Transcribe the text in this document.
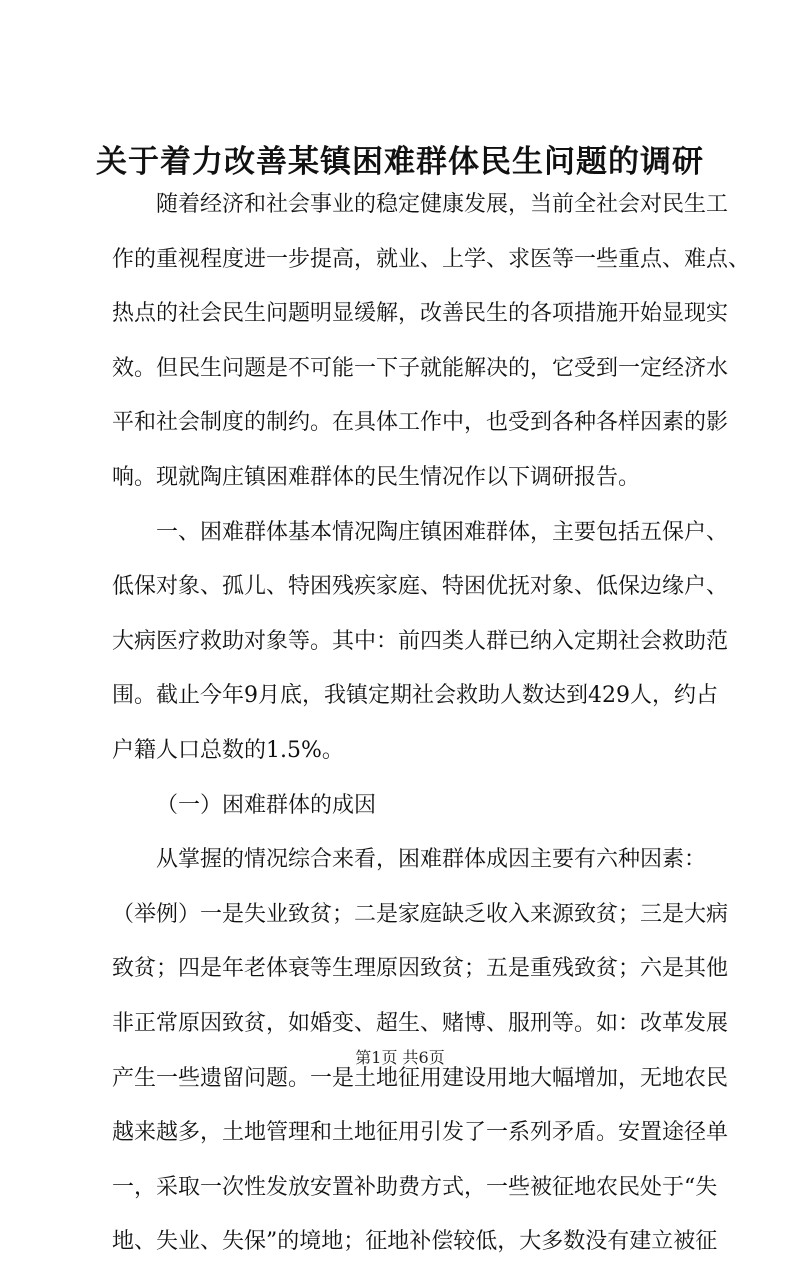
关于着力改善某镇困难群体民生问题的调研
随着经济和社会事业的稳定健康发展，当前全社会对民生工
作的重视程度进一步提高，就业、上学、求医等一些重点、难点、
热点的社会民生问题明显缓解，改善民生的各项措施开始显现实
效。但民生问题是不可能一下子就能解决的，它受到一定经济水
平和社会制度的制约。在具体工作中，也受到各种各样因素的影
响。现就陶庄镇困难群体的民生情况作以下调研报告。
一、困难群体基本情况陶庄镇困难群体，主要包括五保户、
低保对象、孤儿、特困残疾家庭、特困优抚对象、低保边缘户、
大病医疗救助对象等。其中：前四类人群已纳入定期社会救助范
围。截止今年9月底，我镇定期社会救助人数达到429人，约占
户籍人口总数的1.5%。
（一）困难群体的成因
从掌握的情况综合来看，困难群体成因主要有六种因素：
（举例）一是失业致贫；二是家庭缺乏收入来源致贫；三是大病
致贫；四是年老体衰等生理原因致贫；五是重残致贫；六是其他
非正常原因致贫，如婚变、超生、赌博、服刑等。如：改革发展
产生一些遗留问题。一是土地征用建设用地大幅增加，无地农民
越来越多，土地管理和土地征用引发了一系列矛盾。安置途径单
一，采取一次性发放安置补助费方式，一些被征地农民处于“失
地、失业、失保”的境地；征地补偿较低，大多数没有建立被征
第1页 共6页
